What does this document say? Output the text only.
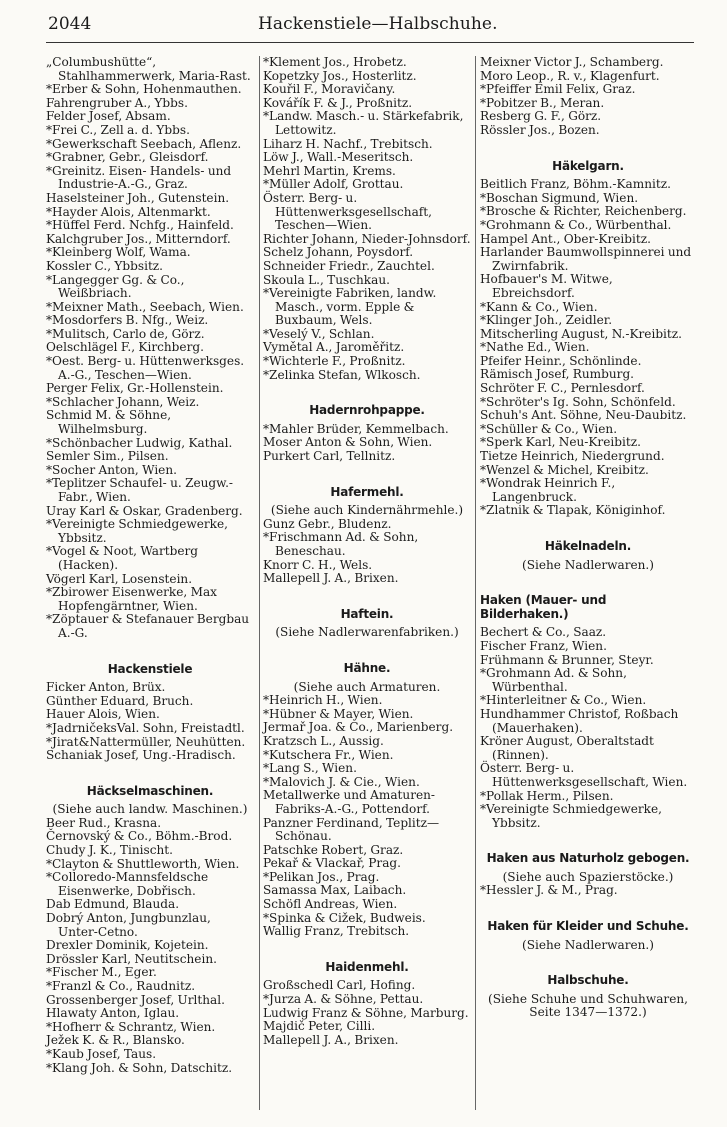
2044	Hackenstiele—Halbschuhe.
„Columbushütte“, Stahlhammerwerk, Maria-Rast.
*Erber & Sohn, Hohenmauthen.
Fahrengruber A., Ybbs.
Felder Josef, Absam.
*Frei C., Zell a. d. Ybbs.
*Gewerkschaft Seebach, Aflenz.
*Grabner, Gebr., Gleisdorf.
*Greinitz. Eisen- Handels- und Industrie-A.-G., Graz.
Haselsteiner Joh., Gutenstein.
*Hayder Alois, Altenmarkt.
*Hüffel Ferd. Nchfg., Hainfeld.
Kalchgruber Jos., Mitterndorf.
*Kleinberg Wolf, Wama.
Kossler C., Ybbsitz.
*Langegger Gg. & Co., Weißbriach.
*Meixner Math., Seebach, Wien.
*Mosdorfers B. Nfg., Weiz.
*Mulitsch, Carlo de, Görz.
Oelschlägel F., Kirchberg.
*Oest. Berg- u. Hüttenwerksges. A.-G., Teschen—Wien.
Perger Felix, Gr.-Hollenstein.
*Schlacher Johann, Weiz.
Schmid M. & Söhne, Wilhelmsburg.
*Schönbacher Ludwig, Kathal.
Semler Sim., Pilsen.
*Socher Anton, Wien.
*Teplitzer Schaufel- u. Zeugw.-Fabr., Wien.
Uray Karl & Oskar, Gradenberg.
*Vereinigte Schmiedgewerke, Ybbsitz.
*Vogel & Noot, Wartberg (Hacken).
Vögerl Karl, Losenstein.
*Zbirower Eisenwerke, Max Hopfengärntner, Wien.
*Zöptauer & Stefanauer Bergbau A.-G.
Hackenstiele
Ficker Anton, Brüx.
Günther Eduard, Bruch.
Hauer Alois, Wien.
*JadrničeksVal. Sohn, Freistadtl.
*Jirat&Nattermüller, Neuhütten.
Schaniak Josef, Ung.-Hradisch.
Häckselmaschinen.
(Siehe auch landw. Maschinen.)
Beer Rud., Krasna.
Černovský & Co., Böhm.-Brod.
Chudy J. K., Tinischt.
*Clayton & Shuttleworth, Wien.
*Colloredo-Mannsfeldsche Eisenwerke, Dobřisch.
Dab Edmund, Blauda.
Dobrý Anton, Jungbunzlau, Unter-Cetno.
Drexler Dominik, Kojetein.
Drössler Karl, Neutitschein.
*Fischer M., Eger.
*Franzl & Co., Raudnitz.
Grossenberger Josef, Urlthal.
Hlawaty Anton, Iglau.
*Hofherr & Schrantz, Wien.
Ježek K. & R., Blansko.
*Kaub Josef, Taus.
*Klang Joh. & Sohn, Datschitz.
*Klement Jos., Hrobetz.
Kopetzky Jos., Hosterlitz.
Kouřil F., Moravičany.
Kovářík F. & J., Proßnitz.
*Landw. Masch.- u. Stärkefabrik, Lettowitz.
Liharz H. Nachf., Trebitsch.
Löw J., Wall.-Meseritsch.
Mehrl Martin, Krems.
*Müller Adolf, Grottau.
Österr. Berg- u. Hüttenwerksgesellschaft, Teschen—Wien.
Richter Johann, Nieder-Johnsdorf.
Schelz Johann, Poysdorf.
Schneider Friedr., Zauchtel.
Skoula L., Tuschkau.
*Vereinigte Fabriken, landw. Masch., vorm. Epple & Buxbaum, Wels.
*Veselý V., Schlan.
Vymětal A., Jaroměřitz.
*Wichterle F., Proßnitz.
*Zelinka Stefan, Wlkosch.
Hadernrohpappe.
*Mahler Brüder, Kemmelbach.
Moser Anton & Sohn, Wien.
Purkert Carl, Tellnitz.
Hafermehl.
(Siehe auch Kindernährmehle.)
Gunz Gebr., Bludenz.
*Frischmann Ad. & Sohn, Beneschau.
Knorr C. H., Wels.
Mallepell J. A., Brixen.
Haftein.
(Siehe Nadlerwarenfabriken.)
Hähne.
(Siehe auch Armaturen.
*Heinrich H., Wien.
*Hübner & Mayer, Wien.
Jermař Joa. & Co., Marienberg.
Kratzsch L., Aussig.
*Kutschera Fr., Wien.
*Lang S., Wien.
*Malovich J. & Cie., Wien.
Metallwerke und Amaturen-Fabriks-A.-G., Pottendorf.
Panzner Ferdinand, Teplitz—Schönau.
Patschke Robert, Graz.
Pekař & Vlackař, Prag.
*Pelikan Jos., Prag.
Samassa Max, Laibach.
Schöfl Andreas, Wien.
*Spinka & Cižek, Budweis.
Wallig Franz, Trebitsch.
Haidenmehl.
Großschedl Carl, Hofing.
*Jurza A. & Söhne, Pettau.
Ludwig Franz & Söhne, Marburg.
Majdič Peter, Cilli.
Mallepell J. A., Brixen.
Meixner Victor J., Schamberg.
Moro Leop., R. v., Klagenfurt.
*Pfeiffer Emil Felix, Graz.
*Pobitzer B., Meran.
Resberg G. F., Görz.
Rössler Jos., Bozen.
Häkelgarn.
Beitlich Franz, Böhm.-Kamnitz.
*Boschan Sigmund, Wien.
*Brosche & Richter, Reichenberg.
*Grohmann & Co., Würbenthal.
Hampel Ant., Ober-Kreibitz.
Harlander Baumwollspinnerei und Zwirnfabrik.
Hofbauer's M. Witwe, Ebreichsdorf.
*Kann & Co., Wien.
*Klinger Joh., Zeidler.
Mitscherling August, N.-Kreibitz.
*Nathe Ed., Wien.
Pfeifer Heinr., Schönlinde.
Rämisch Josef, Rumburg.
Schröter F. C., Pernlesdorf.
*Schröter's Ig. Sohn, Schönfeld.
Schuh's Ant. Söhne, Neu-Daubitz.
*Schüller & Co., Wien.
*Sperk Karl, Neu-Kreibitz.
Tietze Heinrich, Niedergrund.
*Wenzel & Michel, Kreibitz.
*Wondrak Heinrich F., Langenbruck.
*Zlatnik & Tlapak, Königinhof.
Häkelnadeln.
(Siehe Nadlerwaren.)
Haken (Mauer- und Bilderhaken.)
Bechert & Co., Saaz.
Fischer Franz, Wien.
Frühmann & Brunner, Steyr.
*Grohmann Ad. & Sohn, Würbenthal.
*Hinterleitner & Co., Wien.
Hundhammer Christof, Roßbach (Mauerhaken).
Kröner August, Oberaltstadt (Rinnen).
Österr. Berg- u. Hüttenwerksgesellschaft, Wien.
*Pollak Herm., Pilsen.
*Vereinigte Schmiedgewerke, Ybbsitz.
Haken aus Naturholz gebogen.
(Siehe auch Spazierstöcke.)
*Hessler J. & M., Prag.
Haken für Kleider und Schuhe.
(Siehe Nadlerwaren.)
Halbschuhe.
(Siehe Schuhe und Schuhwaren, Seite 1347—1372.)
